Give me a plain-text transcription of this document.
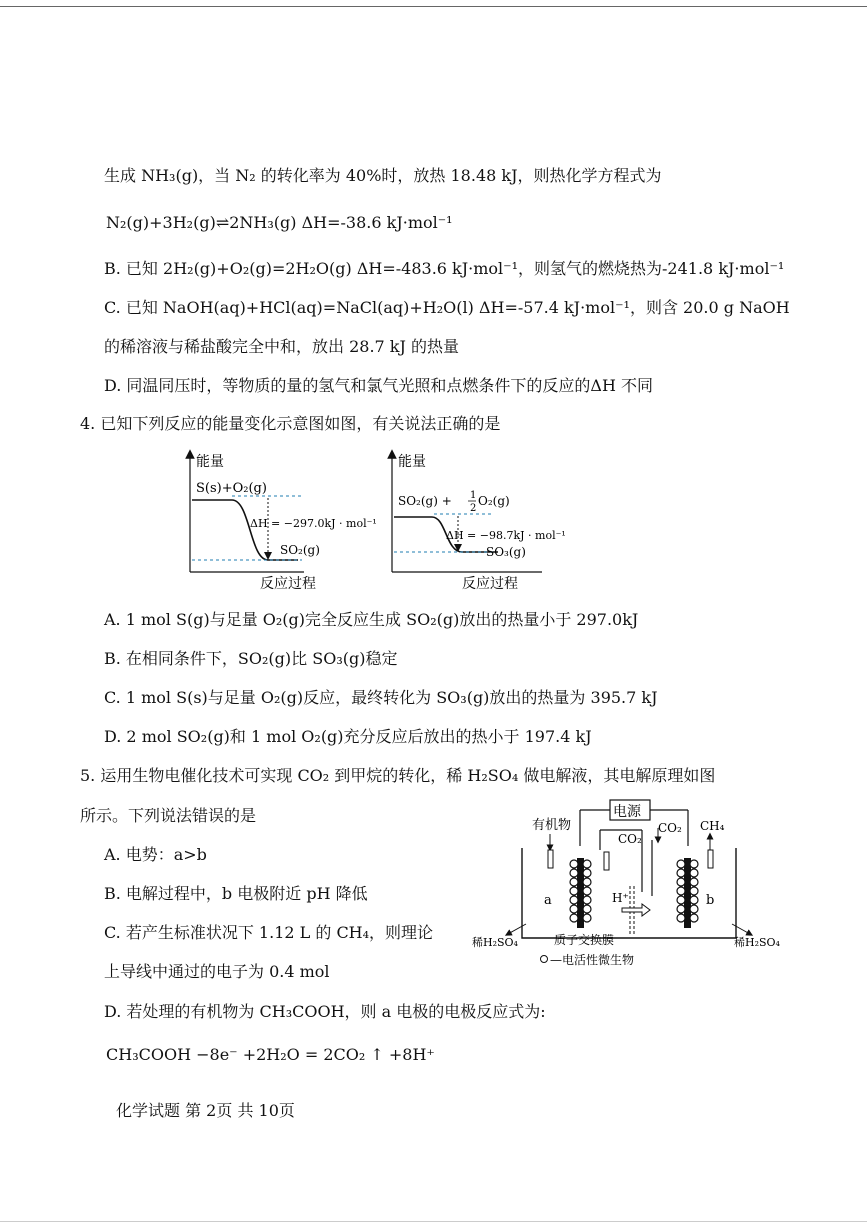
生成 NH₃(g)，当 N₂ 的转化率为 40%时，放热 18.48 kJ，则热化学方程式为
N₂(g)+3H₂(g)⇌2NH₃(g) ΔH=-38.6 kJ·mol⁻¹
B. 已知 2H₂(g)+O₂(g)=2H₂O(g) ΔH=-483.6 kJ·mol⁻¹，则氢气的燃烧热为-241.8 kJ·mol⁻¹
C. 已知 NaOH(aq)+HCl(aq)=NaCl(aq)+H₂O(l) ΔH=-57.4 kJ·mol⁻¹，则含 20.0 g NaOH
的稀溶液与稀盐酸完全中和，放出 28.7 kJ 的热量
D. 同温同压时，等物质的量的氢气和氯气光照和点燃条件下的反应的ΔH 不同
4. 已知下列反应的能量变化示意图如图，有关说法正确的是
能量
S(s)+O₂(g)
ΔH = −297.0kJ · mol⁻¹
SO₂(g)
反应过程
能量
SO₂(g) + 1
2
O₂(g)
ΔH = −98.7kJ · mol⁻¹
SO₃(g)
反应过程
A. 1 mol S(g)与足量 O₂(g)完全反应生成 SO₂(g)放出的热量小于 297.0kJ
B. 在相同条件下，SO₂(g)比 SO₃(g)稳定
C. 1 mol S(s)与足量 O₂(g)反应，最终转化为 SO₃(g)放出的热量为 395.7 kJ
D. 2 mol SO₂(g)和 1 mol O₂(g)充分反应后放出的热小于 197.4 kJ
5. 运用生物电催化技术可实现 CO₂ 到甲烷的转化，稀 H₂SO₄ 做电解液，其电解原理如图
所示。下列说法错误的是
A. 电势：a>b
B. 电解过程中，b 电极附近 pH 降低
C. 若产生标准状况下 1.12 L 的 CH₄，则理论
上导线中通过的电子为 0.4 mol
D. 若处理的有机物为 CH₃COOH，则 a 电极的电极反应式为:
CH₃COOH −8e⁻ +2H₂O = 2CO₂ ↑ +8H⁺
电源
CO₂
CO₂
有机物	CH₄
H⁺
a	b
质子交换膜
稀H₂SO₄	稀H₂SO₄
—电活性微生物
化学试题 第 2页 共 10页
